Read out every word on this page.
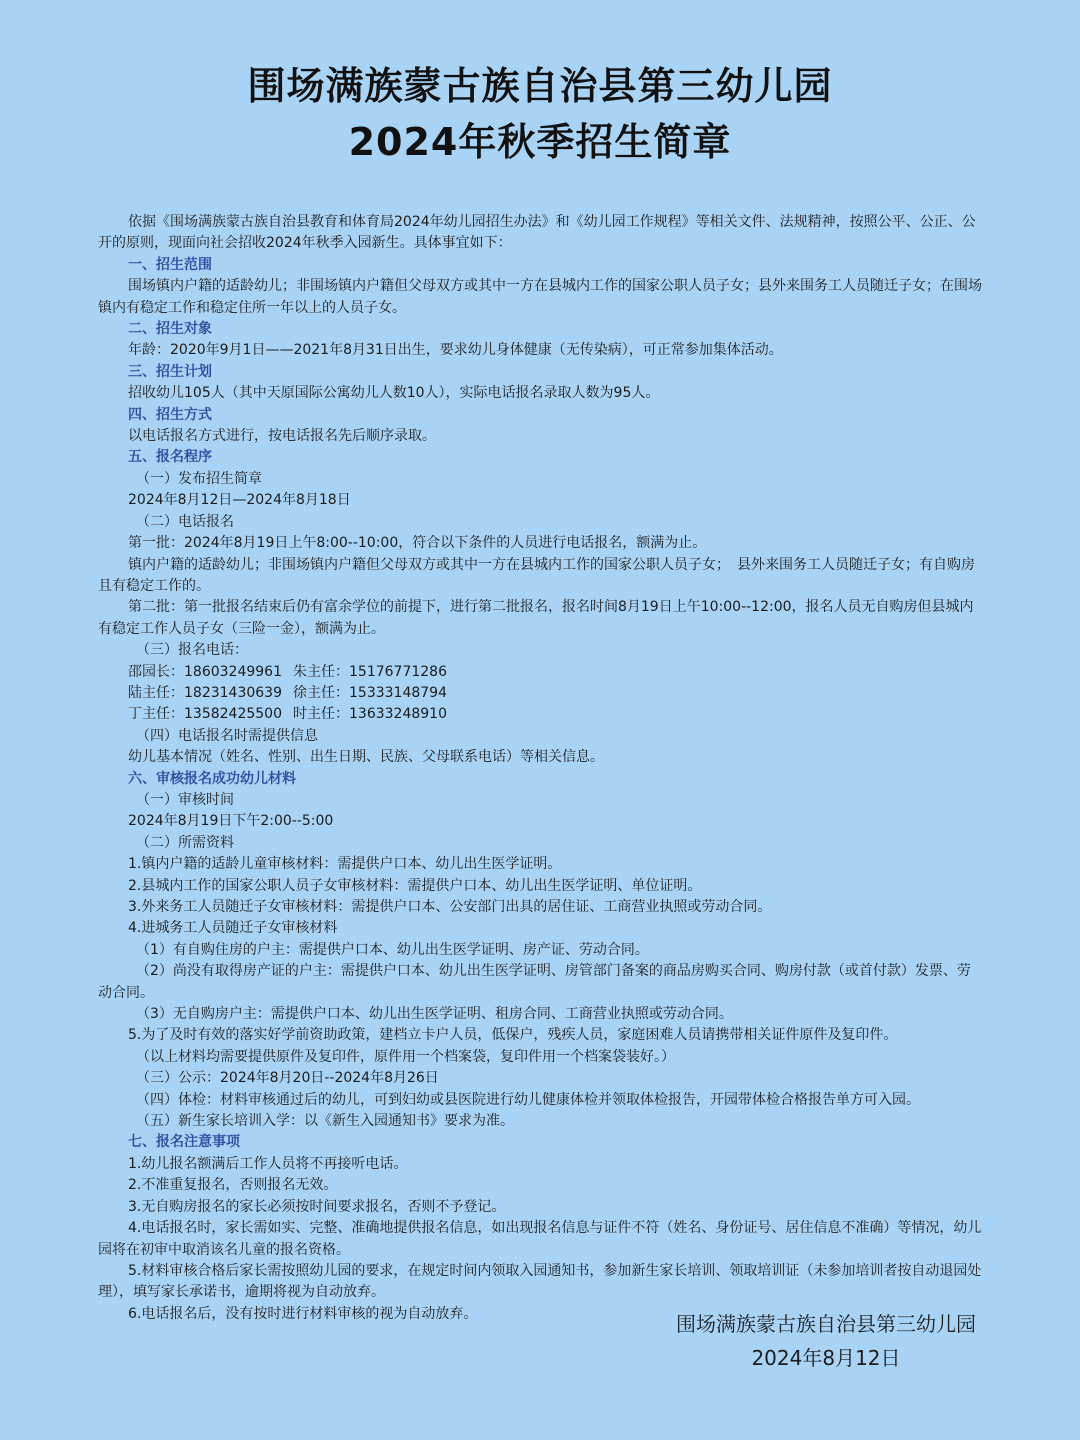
围场满族蒙古族自治县第三幼儿园
2024年秋季招生简章

依据《围场满族蒙古族自治县教育和体育局2024年幼儿园招生办法》和《幼儿园工作规程》等相关文件、法规精神，按照公平、公正、公开的原则，现面向社会招收2024年秋季入园新生。具体事宜如下：

一、招生范围

围场镇内户籍的适龄幼儿；非围场镇内户籍但父母双方或其中一方在县城内工作的国家公职人员子女；县外来围务工人员随迁子女；在围场镇内有稳定工作和稳定住所一年以上的人员子女。

二、招生对象

年龄：2020年9月1日——2021年8月31日出生，要求幼儿身体健康（无传染病），可正常参加集体活动。

三、招生计划

招收幼儿105人（其中天原国际公寓幼儿人数10人），实际电话报名录取人数为95人。

四、招生方式

以电话报名方式进行，按电话报名先后顺序录取。

五、报名程序

（一）发布招生简章

2024年8月12日—2024年8月18日

（二）电话报名

第一批：2024年8月19日上午8:00--10:00，符合以下条件的人员进行电话报名，额满为止。

镇内户籍的适龄幼儿；非围场镇内户籍但父母双方或其中一方在县城内工作的国家公职人员子女；　县外来围务工人员随迁子女；有自购房且有稳定工作的。

第二批：第一批报名结束后仍有富余学位的前提下，进行第二批报名，报名时间8月19日上午10:00--12:00，报名人员无自购房但县城内有稳定工作人员子女（三险一金），额满为止。

（三）报名电话：

邵园长：18603249961 朱主任：15176771286
陆主任：18231430639 徐主任：15333148794
丁主任：13582425500 时主任：13633248910

（四）电话报名时需提供信息

幼儿基本情况（姓名、性别、出生日期、民族、父母联系电话）等相关信息。

六、审核报名成功幼儿材料

（一）审核时间

2024年8月19日下午2:00--5:00

（二）所需资料

1.镇内户籍的适龄儿童审核材料：需提供户口本、幼儿出生医学证明。

2.县城内工作的国家公职人员子女审核材料：需提供户口本、幼儿出生医学证明、单位证明。

3.外来务工人员随迁子女审核材料：需提供户口本、公安部门出具的居住证、工商营业执照或劳动合同。

4.进城务工人员随迁子女审核材料

（1）有自购住房的户主：需提供户口本、幼儿出生医学证明、房产证、劳动合同。

（2）尚没有取得房产证的户主：需提供户口本、幼儿出生医学证明、房管部门备案的商品房购买合同、购房付款（或首付款）发票、劳动合同。

（3）无自购房户主：需提供户口本、幼儿出生医学证明、租房合同、工商营业执照或劳动合同。

5.为了及时有效的落实好学前资助政策，建档立卡户人员，低保户，残疾人员，家庭困难人员请携带相关证件原件及复印件。

（以上材料均需要提供原件及复印件，原件用一个档案袋，复印件用一个档案袋装好。）

（三）公示：2024年8月20日--2024年8月26日

（四）体检：材料审核通过后的幼儿，可到妇幼或县医院进行幼儿健康体检并领取体检报告，开园带体检合格报告单方可入园。

（五）新生家长培训入学：以《新生入园通知书》要求为准。

七、报名注意事项

1.幼儿报名额满后工作人员将不再接听电话。

2.不准重复报名，否则报名无效。

3.无自购房报名的家长必须按时间要求报名，否则不予登记。

4.电话报名时，家长需如实、完整、准确地提供报名信息，如出现报名信息与证件不符（姓名、身份证号、居住信息不准确）等情况，幼儿园将在初审中取消该名儿童的报名资格。

5.材料审核合格后家长需按照幼儿园的要求，在规定时间内领取入园通知书，参加新生家长培训、领取培训证（未参加培训者按自动退园处理），填写家长承诺书，逾期将视为自动放弃。

6.电话报名后，没有按时进行材料审核的视为自动放弃。	围场满族蒙古族自治县第三幼儿园
2024年8月12日
